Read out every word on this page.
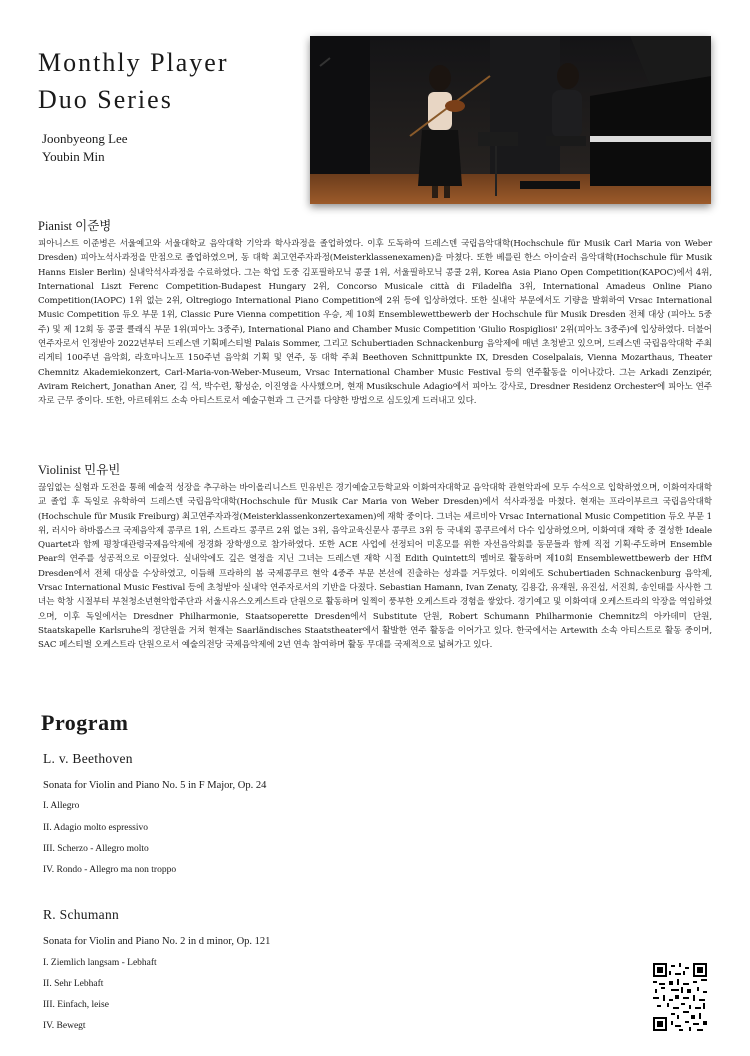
Monthly Player
Duo Series
Joonbyeong Lee
Youbin Min
Pianist 이준병
피아니스트 이준병은 서울예고와 서울대학교 음악대학 기악과 학사과정을 졸업하였다. 이후 도독하여 드레스덴 국립음악대학(Hochschule für Musik Carl Maria von Weber Dresden) 피아노석사과정을 만점으로 졸업하였으며, 동 대학 최고연주자과정(Meisterklassenexamen)을 마쳤다. 또한 베를린 한스 아이슬러 음악대학(Hochschule für Musik Hanns Eisler Berlin) 실내악석사과정을 수료하였다. 그는 학업 도중 김포필하모닉 콩쿨 1위, 서울필하모닉 콩쿨 2위, Korea Asia Piano Open Competition(KAPOC)에서 4위, International Liszt Ferenc Competition-Budapest Hungary 2위, Concorso Musicale città di Filadelfia 3위, International Amadeus Online Piano Competition(IAOPC) 1위 없는 2위, Oltregiogo International Piano Competition에 2위 등에 입상하였다. 또한 실내악 부문에서도 기량을 발휘하여 Vrsac International Music Competition 듀오 부문 1위, Classic Pure Vienna competition 우승, 제 10회 Ensemblewettbewerb der Hochschule für Musik Dresden 전체 대상 (피아노 5중주) 및 제 12회 동 콩쿨 클래식 부문 1위(피아노 3중주), International Piano and Chamber Music Competition 'Giulio Rospigliosi' 2위(피아노 3중주)에 입상하였다. 더불어 연주자로서 인정받아 2022년부터 드레스덴 기획페스티벌 Palais Sommer, 그리고 Schubertiaden Schnackenburg 음악제에 매년 초청받고 있으며, 드레스덴 국립음악대학 주최 리게티 100주년 음악회, 라흐마니노프 150주년 음악회 기획 및 연주, 동 대학 주최 Beethoven Schnittpunkte IX, Dresden Coselpalais, Vienna Mozarthaus, Theater Chemnitz Akademiekonzert, Carl-Maria-von-Weber-Museum, Vrsac International Chamber Music Festival 등의 연주활동을 이어나갔다. 그는 Arkadi Zenzipér, Aviram Reichert, Jonathan Aner, 김 석, 박수련, 황성순, 이진영을 사사했으며, 현재 Musikschule Adagio에서 피아노 강사로, Dresdner Residenz Orchester에 피아노 연주자로 근무 중이다. 또한, 아르테위드 소속 아티스트로서 예술구현과 그 근거를 다양한 방법으로 심도있게 드러내고 있다.
Violinist 민유빈
끊임없는 실험과 도전을 통해 예술적 성장을 추구하는 바이올리니스트 민유빈은 경기예술고등학교와 이화여자대학교 음악대학 관현악과에 모두 수석으로 입학하였으며, 이화여자대학교 졸업 후 독일로 유학하여 드레스덴 국립음악대학(Hochschule für Musik Car Maria von Weber Dresden)에서 석사과정을 마쳤다. 현재는 프라이부르크 국립음악대학(Hochschule für Musik Freiburg) 최고연주자과정(Meisterklassenkonzertexamen)에 재학 중이다. 그녀는 세르비아 Vrsac International Music Competition 듀오 부문 1위, 러시아 하바롭스크 국제음악제 콩쿠르 1위, 스트라드 콩쿠르 2위 없는 3위, 음악교육신문사 콩쿠르 3위 등 국내외 콩쿠르에서 다수 입상하였으며, 이화여대 재학 중 결성한 Ideale Quartet과 함께 평창대관령국제음악제에 정경화 장학생으로 참가하였다. 또한 ACE 사업에 선정되어 미혼모를 위한 자선음악회를 동문들과 함께 직접 기획·주도하며 Ensemble Pear의 연주를 성공적으로 이끌었다. 실내악에도 깊은 열정을 지닌 그녀는 드레스덴 재학 시절 Edith Quintett의 멤버로 활동하며 제10회 Ensemblewettbewerb der HfM Dresden에서 전체 대상을 수상하였고, 이듬해 프라하의 봄 국제콩쿠르 현악 4중주 부문 본선에 진출하는 성과를 거두었다. 이외에도 Schubertiaden Schnackenburg 음악제, Vrsac International Music Festival 등에 초청받아 실내악 연주자로서의 기반을 다졌다. Sebastian Hamann, Ivan Zenaty, 김용갑, 유재원, 유진섭, 서진희, 송인태를 사사한 그녀는 학창 시절부터 부천청소년현악합주단과 서울시유스오케스트라 단원으로 활동하며 일찍이 풍부한 오케스트라 경험을 쌓았다. 경기예고 및 이화여대 오케스트라의 악장을 역임하였으며, 이후 독일에서는 Dresdner Philharmonie, Staatsoperette Dresden에서 Substitute 단원, Robert Schumann Philharmonie Chemnitz의 아카데미 단원, Staatskapelle Karlsruhe의 정단원을 거쳐 현재는 Saarländisches Staatstheater에서 활발한 연주 활동을 이어가고 있다. 한국에서는 Artewith 소속 아티스트로 활동 중이며, SAC 페스티벌 오케스트라 단원으로서 예술의전당 국제음악제에 2년 연속 참여하며 활동 무대를 국제적으로 넓혀가고 있다.
Program
L. v. Beethoven
Sonata for Violin and Piano No. 5 in F Major, Op. 24
I. Allegro
II. Adagio molto espressivo
III. Scherzo - Allegro molto
IV. Rondo - Allegro ma non troppo
R. Schumann
Sonata for Violin and Piano No. 2 in d minor, Op. 121
I. Ziemlich langsam - Lebhaft
II. Sehr Lebhaft
III. Einfach, leise
IV. Bewegt
